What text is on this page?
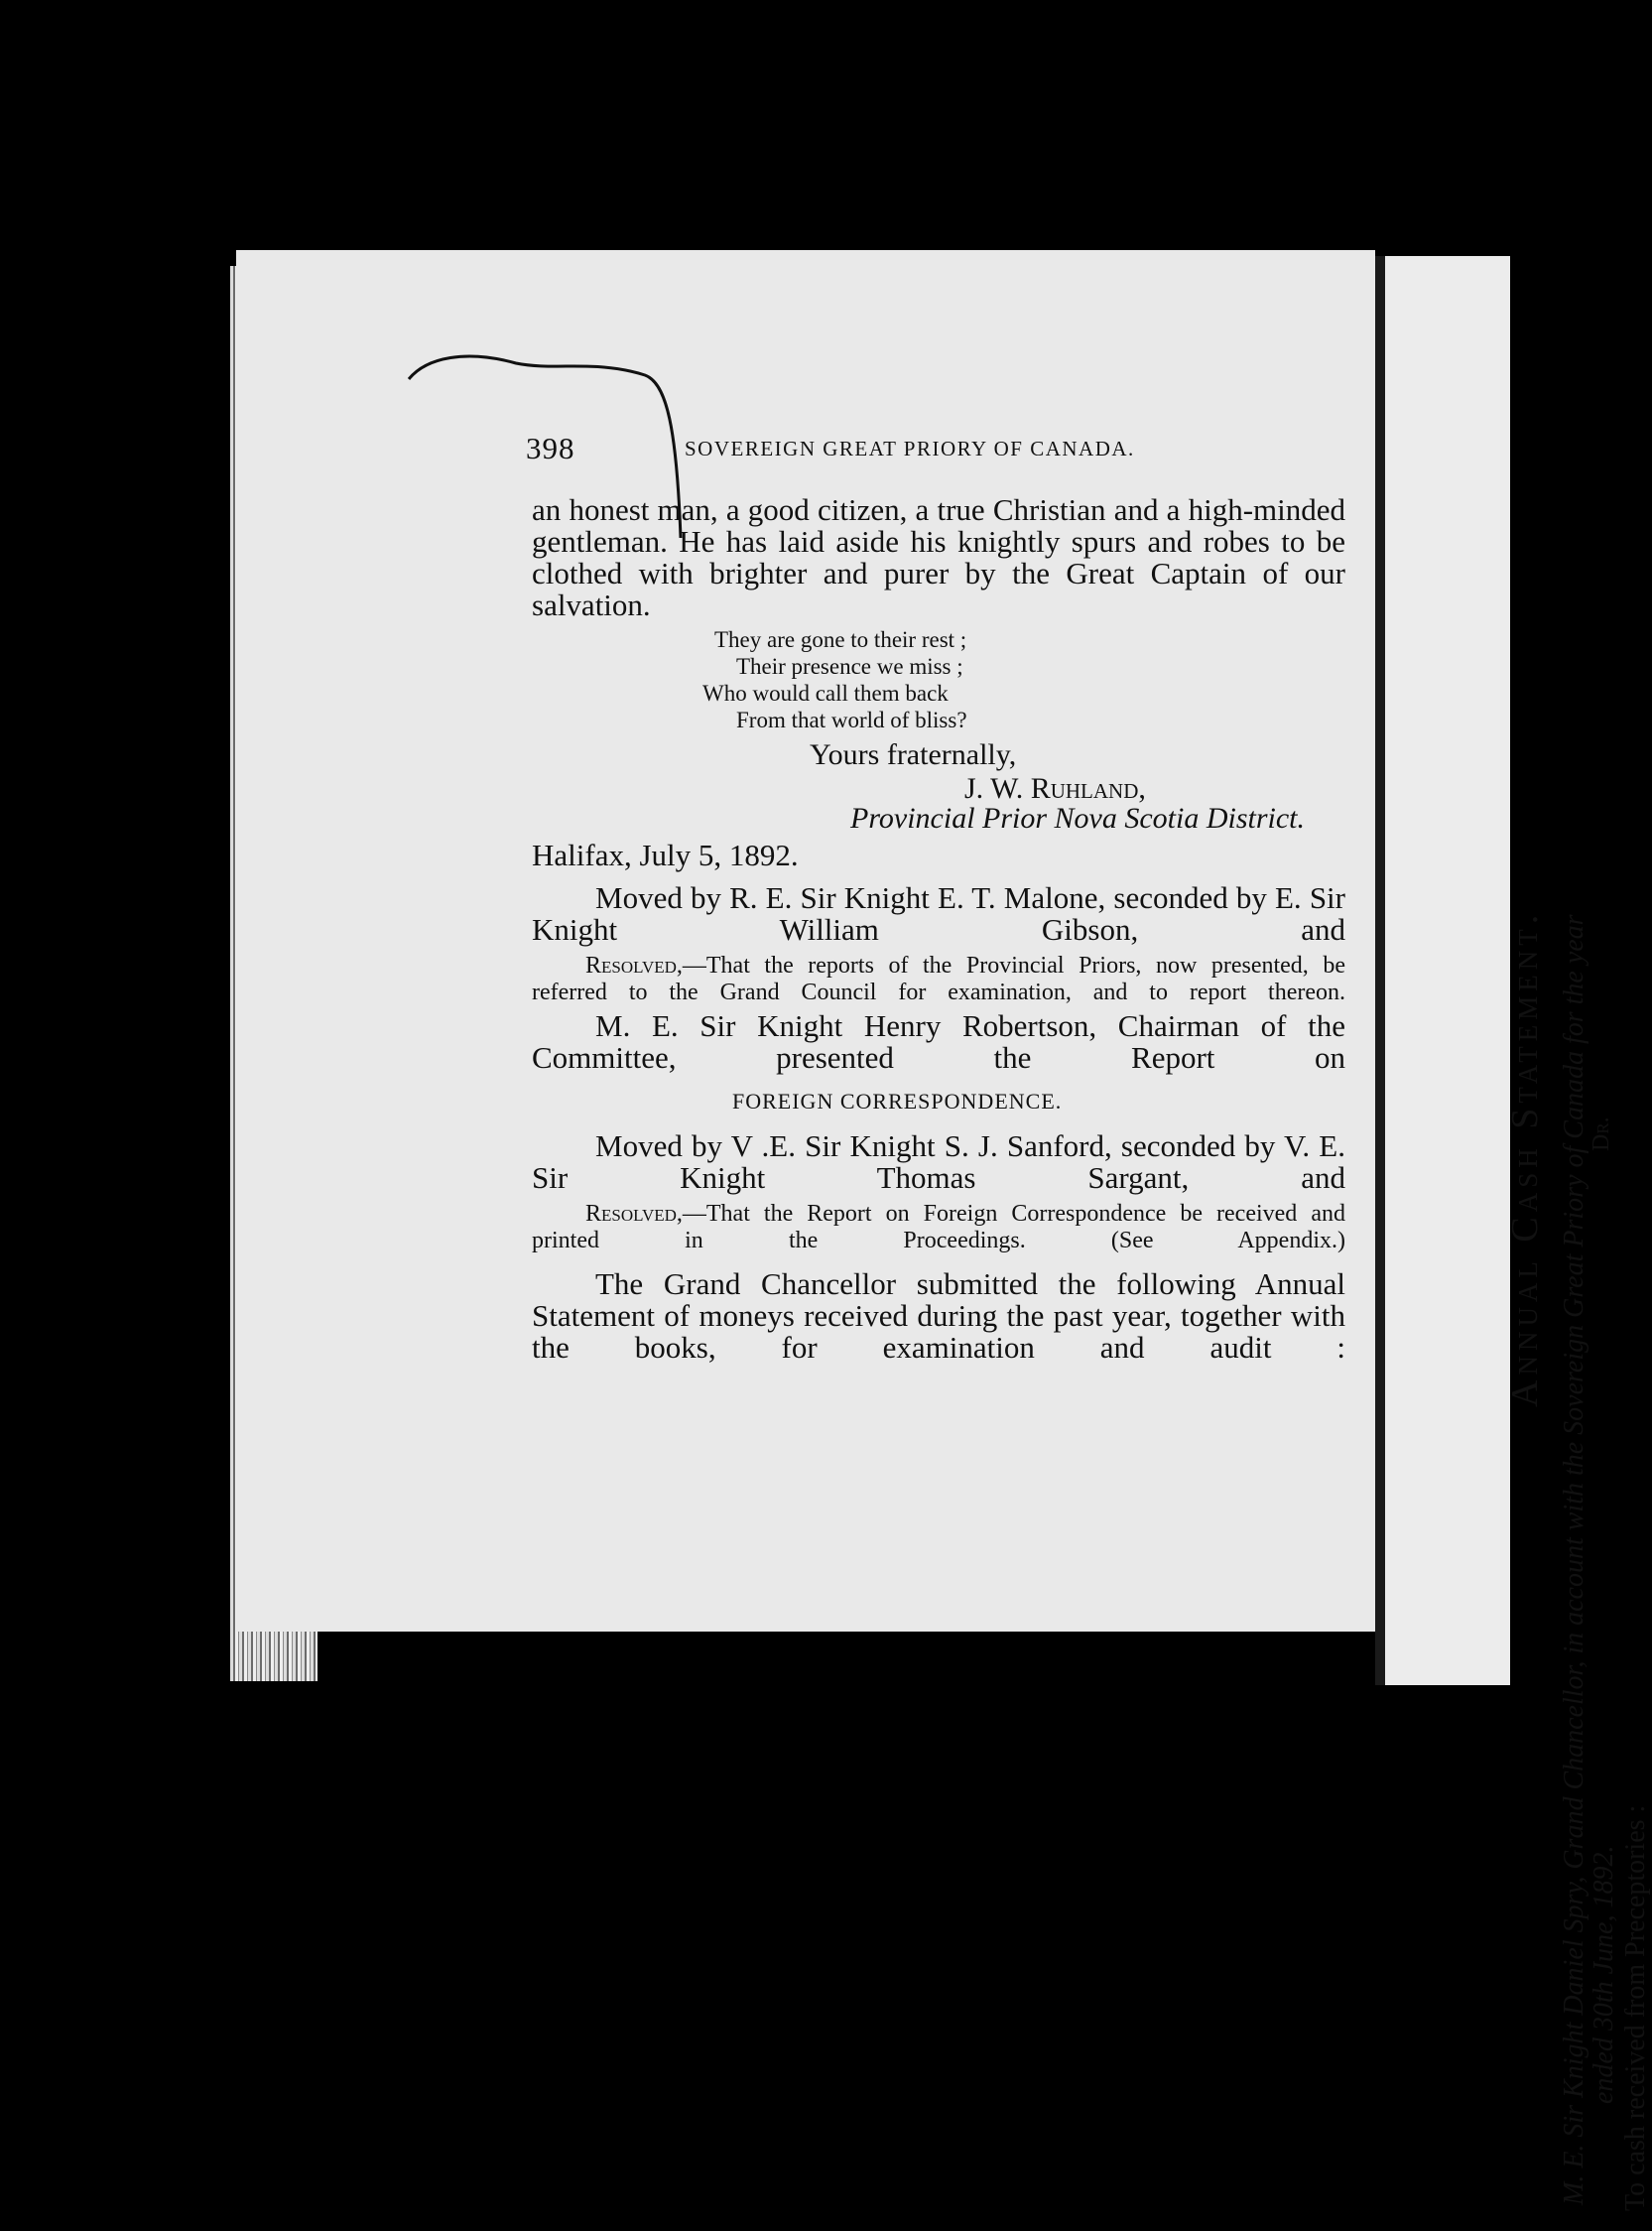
398	SOVEREIGN GREAT PRIORY OF CANADA.

an honest man, a good citizen, a true Christian and a high-minded gentleman. He has laid aside his knightly spurs and robes to be clothed with brighter and purer by the Great Captain of our salvation.

They are gone to their rest ;
Their presence we miss ;
Who would call them back
From that world of bliss?
Yours fraternally,
J. W. Ruhland,
Provincial Prior Nova Scotia District.
Halifax, July 5, 1892.

Moved by R. E. Sir Knight E. T. Malone, seconded by E. Sir Knight William Gibson, and

Resolved,—That the reports of the Provincial Priors, now presented, be referred to the Grand Council for examination, and to report thereon.

M. E. Sir Knight Henry Robertson, Chairman of the Committee, presented the Report on

FOREIGN CORRESPONDENCE.

Moved by V .E. Sir Knight S. J. Sanford, seconded by V. E. Sir Knight Thomas Sargant, and

Resolved,—That the Report on Foreign Correspondence be received and printed in the Proceedings. (See Appendix.)

The Grand Chancellor submitted the following Annual Statement of moneys received during the past year, together with the books, for examination and audit :	Annual Cash Statement. M. E. Sir Knight Daniel Spry, Grand Chancellor, in account with the Sovereign Great Priory of Canada for the year ended 30th June, 1892.
Dr.
To cash received from Preceptories :
